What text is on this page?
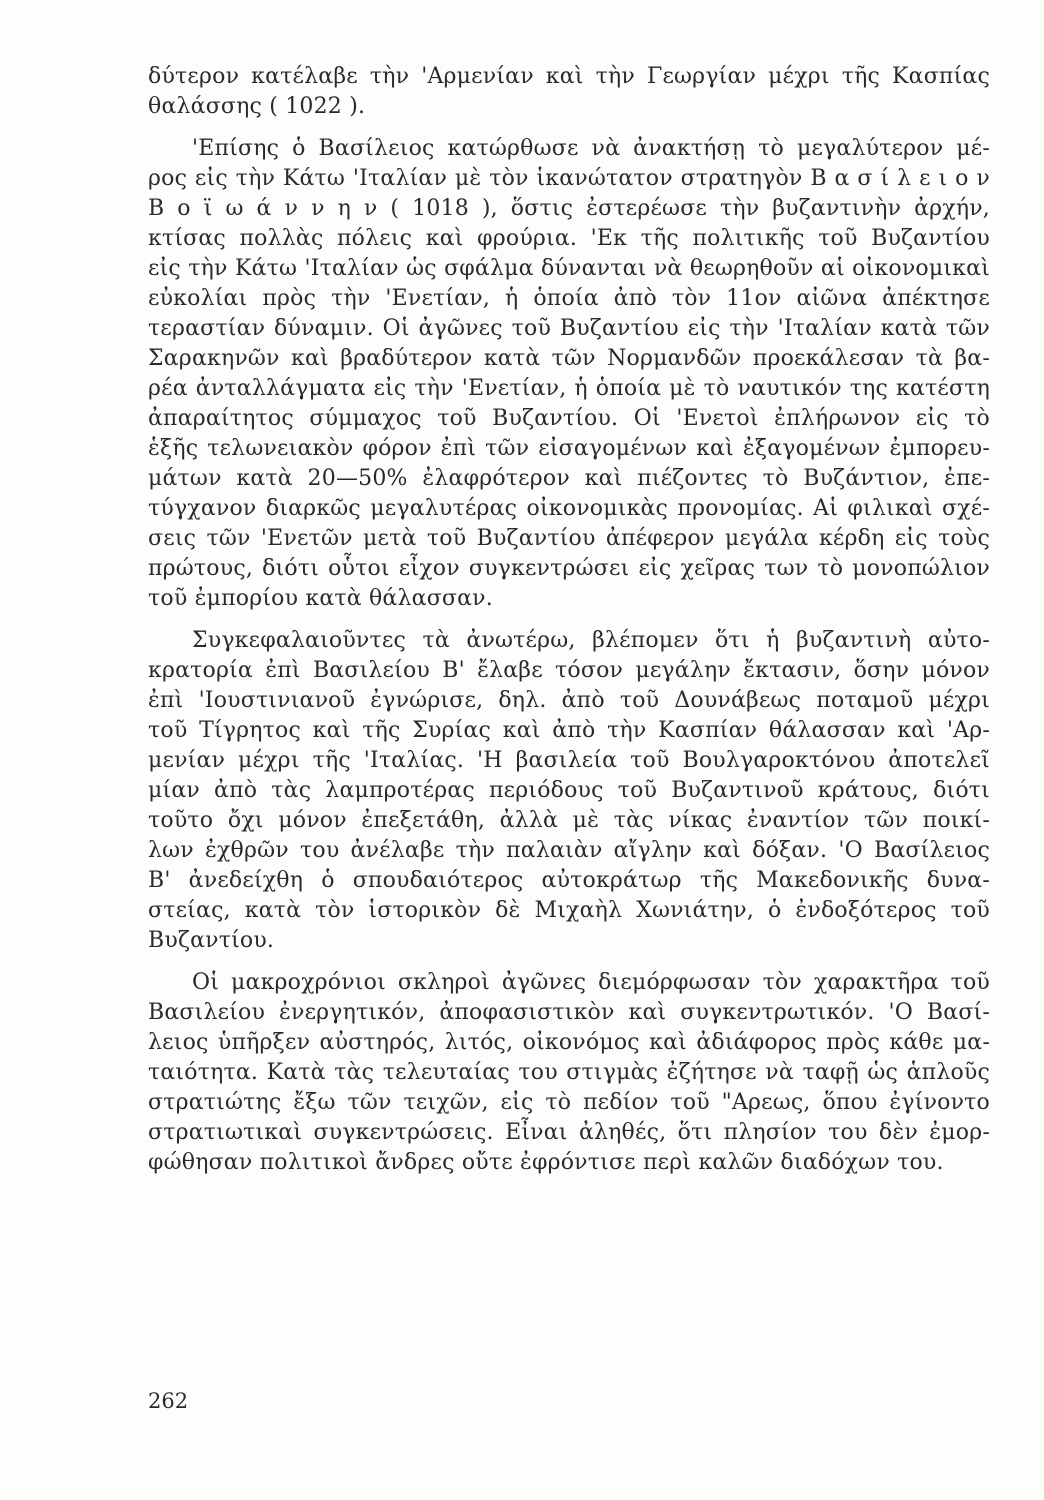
δύτερον κατέλαβε τὴν 'Αρμενίαν καὶ τὴν Γεωργίαν μέχρι τῆς Κασπίας
θαλάσσης ( 1022 ).
'Επίσης ὁ Βασίλειος κατώρθωσε νὰ ἀνακτήσῃ τὸ μεγαλύτερον μέ-
ρος εἰς τὴν Κάτω 'Ιταλίαν μὲ τὸν ἱκανώτατον στρατηγὸν Β α σ ί λ ε ι ο ν
Β ο ϊ ω ά ν ν η ν ( 1018 ), ὅστις ἐστερέωσε τὴν βυζαντινὴν ἀρχήν,
κτίσας πολλὰς πόλεις καὶ φρούρια. 'Εκ τῆς πολιτικῆς τοῦ Βυζαντίου
εἰς τὴν Κάτω 'Ιταλίαν ὡς σφάλμα δύνανται νὰ θεωρηθοῦν αἱ οἰκονομικαὶ
εὐκολίαι πρὸς τὴν 'Ενετίαν, ἡ ὁποία ἀπὸ τὸν 11ον αἰῶνα ἀπέκτησε
τεραστίαν δύναμιν. Οἱ ἀγῶνες τοῦ Βυζαντίου εἰς τὴν 'Ιταλίαν κατὰ τῶν
Σαρακηνῶν καὶ βραδύτερον κατὰ τῶν Νορμανδῶν προεκάλεσαν τὰ βα-
ρέα ἀνταλλάγματα εἰς τὴν 'Ενετίαν, ἡ ὁποία μὲ τὸ ναυτικόν της κατέστη
ἀπαραίτητος σύμμαχος τοῦ Βυζαντίου. Οἱ 'Ενετοὶ ἐπλήρωνον εἰς τὸ
ἑξῆς τελωνειακὸν φόρον ἐπὶ τῶν εἰσαγομένων καὶ ἐξαγομένων ἐμπορευ-
μάτων κατὰ 20—50% ἐλαφρότερον καὶ πιέζοντες τὸ Βυζάντιον, ἐπε-
τύγχανον διαρκῶς μεγαλυτέρας οἰκονομικὰς προνομίας. Αἱ φιλικαὶ σχέ-
σεις τῶν 'Ενετῶν μετὰ τοῦ Βυζαντίου ἀπέφερον μεγάλα κέρδη εἰς τοὺς
πρώτους, διότι οὗτοι εἶχον συγκεντρώσει εἰς χεῖρας των τὸ μονοπώλιον
τοῦ ἐμπορίου κατὰ θάλασσαν.
Συγκεφαλαιοῦντες τὰ ἀνωτέρω, βλέπομεν ὅτι ἡ βυζαντινὴ αὐτο-
κρατορία ἐπὶ Βασιλείου Β' ἔλαβε τόσον μεγάλην ἔκτασιν, ὅσην μόνον
ἐπὶ 'Ιουστινιανοῦ ἐγνώρισε, δηλ. ἀπὸ τοῦ Δουνάβεως ποταμοῦ μέχρι
τοῦ Τίγρητος καὶ τῆς Συρίας καὶ ἀπὸ τὴν Κασπίαν θάλασσαν καὶ 'Αρ-
μενίαν μέχρι τῆς 'Ιταλίας. 'Η βασιλεία τοῦ Βουλγαροκτόνου ἀποτελεῖ
μίαν ἀπὸ τὰς λαμπροτέρας περιόδους τοῦ Βυζαντινοῦ κράτους, διότι
τοῦτο ὄχι μόνον ἐπεξετάθη, ἀλλὰ μὲ τὰς νίκας ἐναντίον τῶν ποικί-
λων ἐχθρῶν του ἀνέλαβε τὴν παλαιὰν αἴγλην καὶ δόξαν. 'Ο Βασίλειος
Β' ἀνεδείχθη ὁ σπουδαιότερος αὐτοκράτωρ τῆς Μακεδονικῆς δυνα-
στείας, κατὰ τὸν ἱστορικὸν δὲ Μιχαὴλ Χωνιάτην, ὁ ἐνδοξότερος τοῦ
Βυζαντίου.
Οἱ μακροχρόνιοι σκληροὶ ἀγῶνες διεμόρφωσαν τὸν χαρακτῆρα τοῦ
Βασιλείου ἐνεργητικόν, ἀποφασιστικὸν καὶ συγκεντρωτικόν. 'Ο Βασί-
λειος ὑπῆρξεν αὐστηρός, λιτός, οἰκονόμος καὶ ἀδιάφορος πρὸς κάθε μα-
ταιότητα. Κατὰ τὰς τελευταίας του στιγμὰς ἐζήτησε νὰ ταφῇ ὡς ἁπλοῦς
στρατιώτης ἔξω τῶν τειχῶν, εἰς τὸ πεδίον τοῦ "Αρεως, ὅπου ἐγίνοντο
στρατιωτικαὶ συγκεντρώσεις. Εἶναι ἀληθές, ὅτι πλησίον του δὲν ἐμορ-
φώθησαν πολιτικοὶ ἄνδρες οὔτε ἐφρόντισε περὶ καλῶν διαδόχων του.
262
